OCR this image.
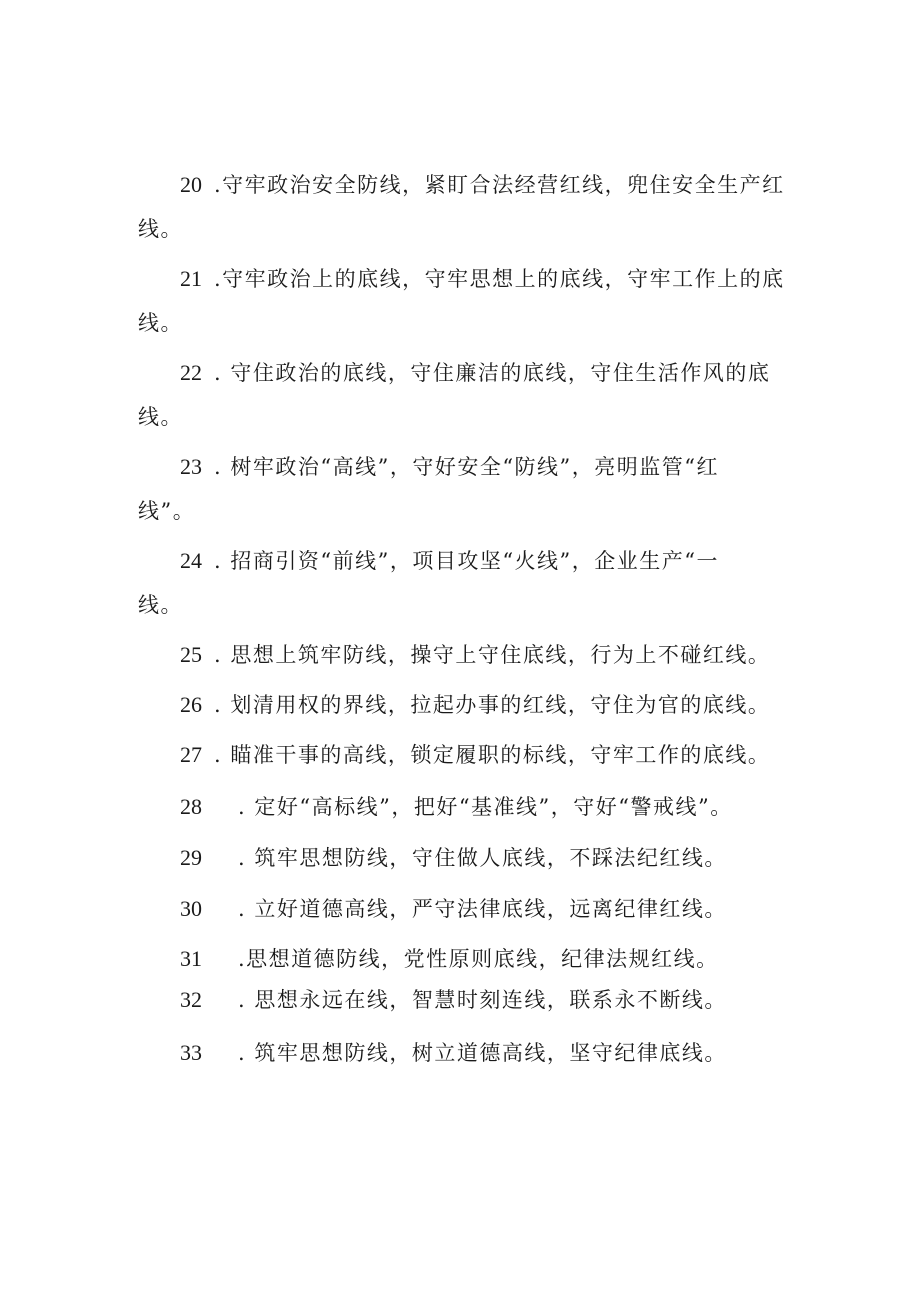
20 .守牢政治安全防线，紧盯合法经营红线，兜住安全生产红
线。
21 .守牢政治上的底线，守牢思想上的底线，守牢工作上的底
线。
22 . 守住政治的底线，守住廉洁的底线，守住生活作风的底
线。
23 . 树牢政治“高线”，守好安全“防线”，亮明监管“红
线”。
24 . 招商引资“前线”，项目攻坚“火线”，企业生产“一
线。
25 . 思想上筑牢防线，操守上守住底线，行为上不碰红线。
26 . 划清用权的界线，拉起办事的红线，守住为官的底线。
27 . 瞄准干事的高线，锁定履职的标线，守牢工作的底线。
28 . 定好“高标线”，把好“基准线”，守好“警戒线”。
29 . 筑牢思想防线，守住做人底线，不踩法纪红线。
30 . 立好道德高线，严守法律底线，远离纪律红线。
31 .思想道德防线，党性原则底线，纪律法规红线。
32 . 思想永远在线，智慧时刻连线，联系永不断线。
33 . 筑牢思想防线，树立道德高线，坚守纪律底线。
